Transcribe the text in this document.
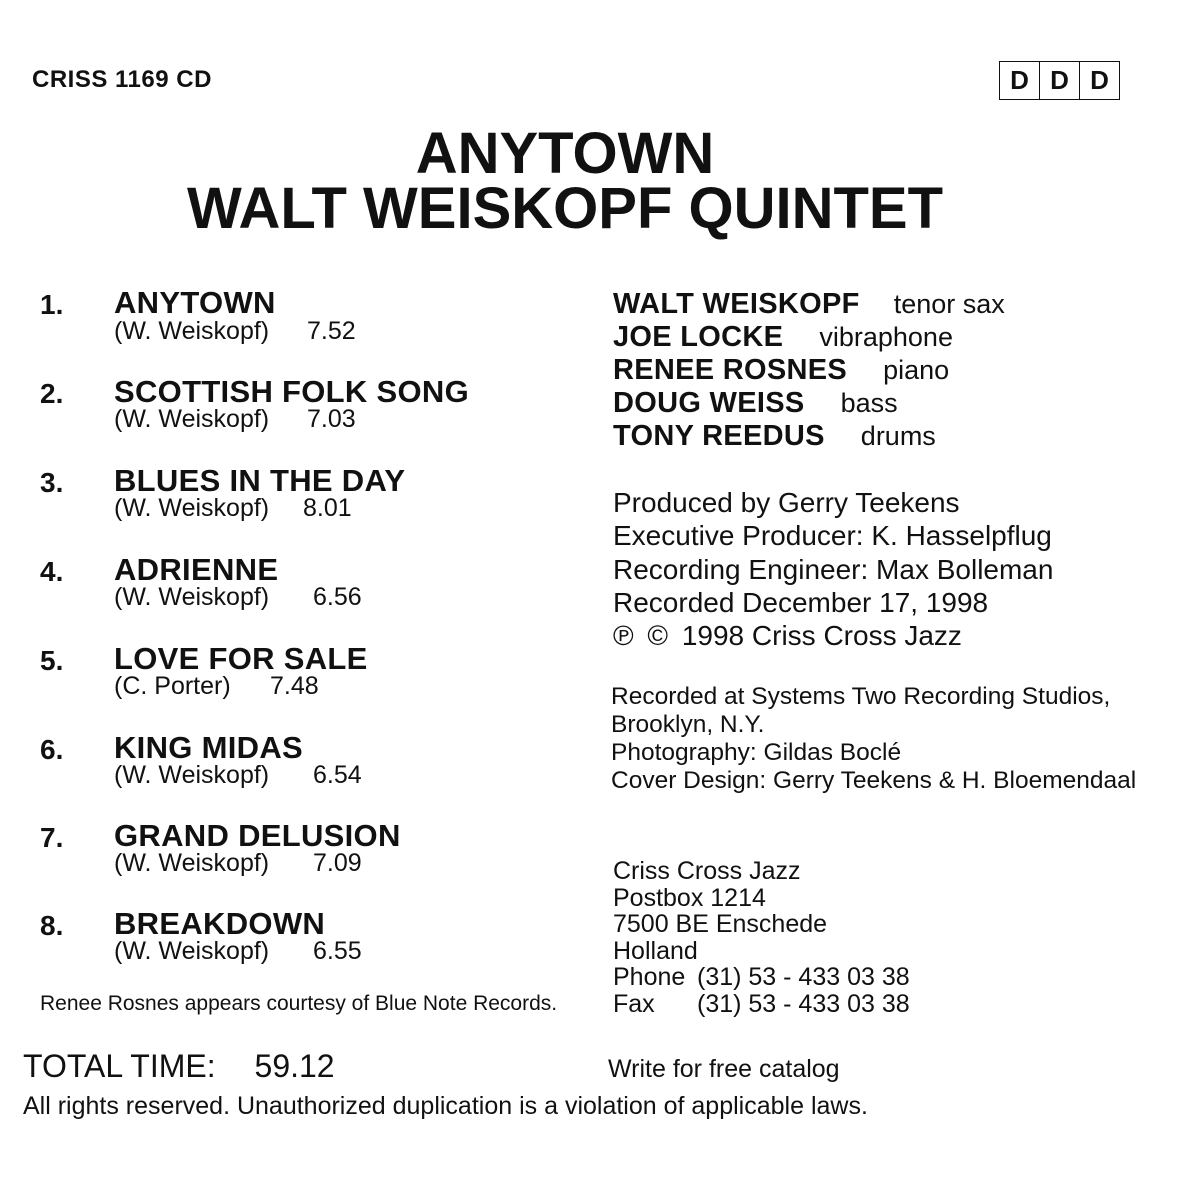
CRISS 1169 CD	D D D
ANYTOWN
WALT WEISKOPF QUINTET
1. ANYTOWN
(W. Weiskopf) 7.52
2. SCOTTISH FOLK SONG
(W. Weiskopf) 7.03
3. BLUES IN THE DAY
(W. Weiskopf) 8.01
4. ADRIENNE
(W. Weiskopf) 6.56
5. LOVE FOR SALE
(C. Porter) 7.48
6. KING MIDAS
(W. Weiskopf) 6.54
7. GRAND DELUSION
(W. Weiskopf) 7.09
8. BREAKDOWN
(W. Weiskopf) 6.55
WALT WEISKOPF tenor sax
JOE LOCKE vibraphone
RENEE ROSNES piano
DOUG WEISS bass
TONY REEDUS drums
Produced by Gerry Teekens
Executive Producer: K. Hasselpflug
Recording Engineer: Max Bolleman
Recorded December 17, 1998
℗ © 1998 Criss Cross Jazz
Recorded at Systems Two Recording Studios,
Brooklyn, N.Y.
Photography: Gildas Boclé
Cover Design: Gerry Teekens & H. Bloemendaal
Criss Cross Jazz
Postbox 1214
7500 BE Enschede
Holland
Phone (31) 53 - 433 03 38
Fax (31) 53 - 433 03 38
Renee Rosnes appears courtesy of Blue Note Records.
TOTAL TIME: 59.12	Write for free catalog
All rights reserved. Unauthorized duplication is a violation of applicable laws.
